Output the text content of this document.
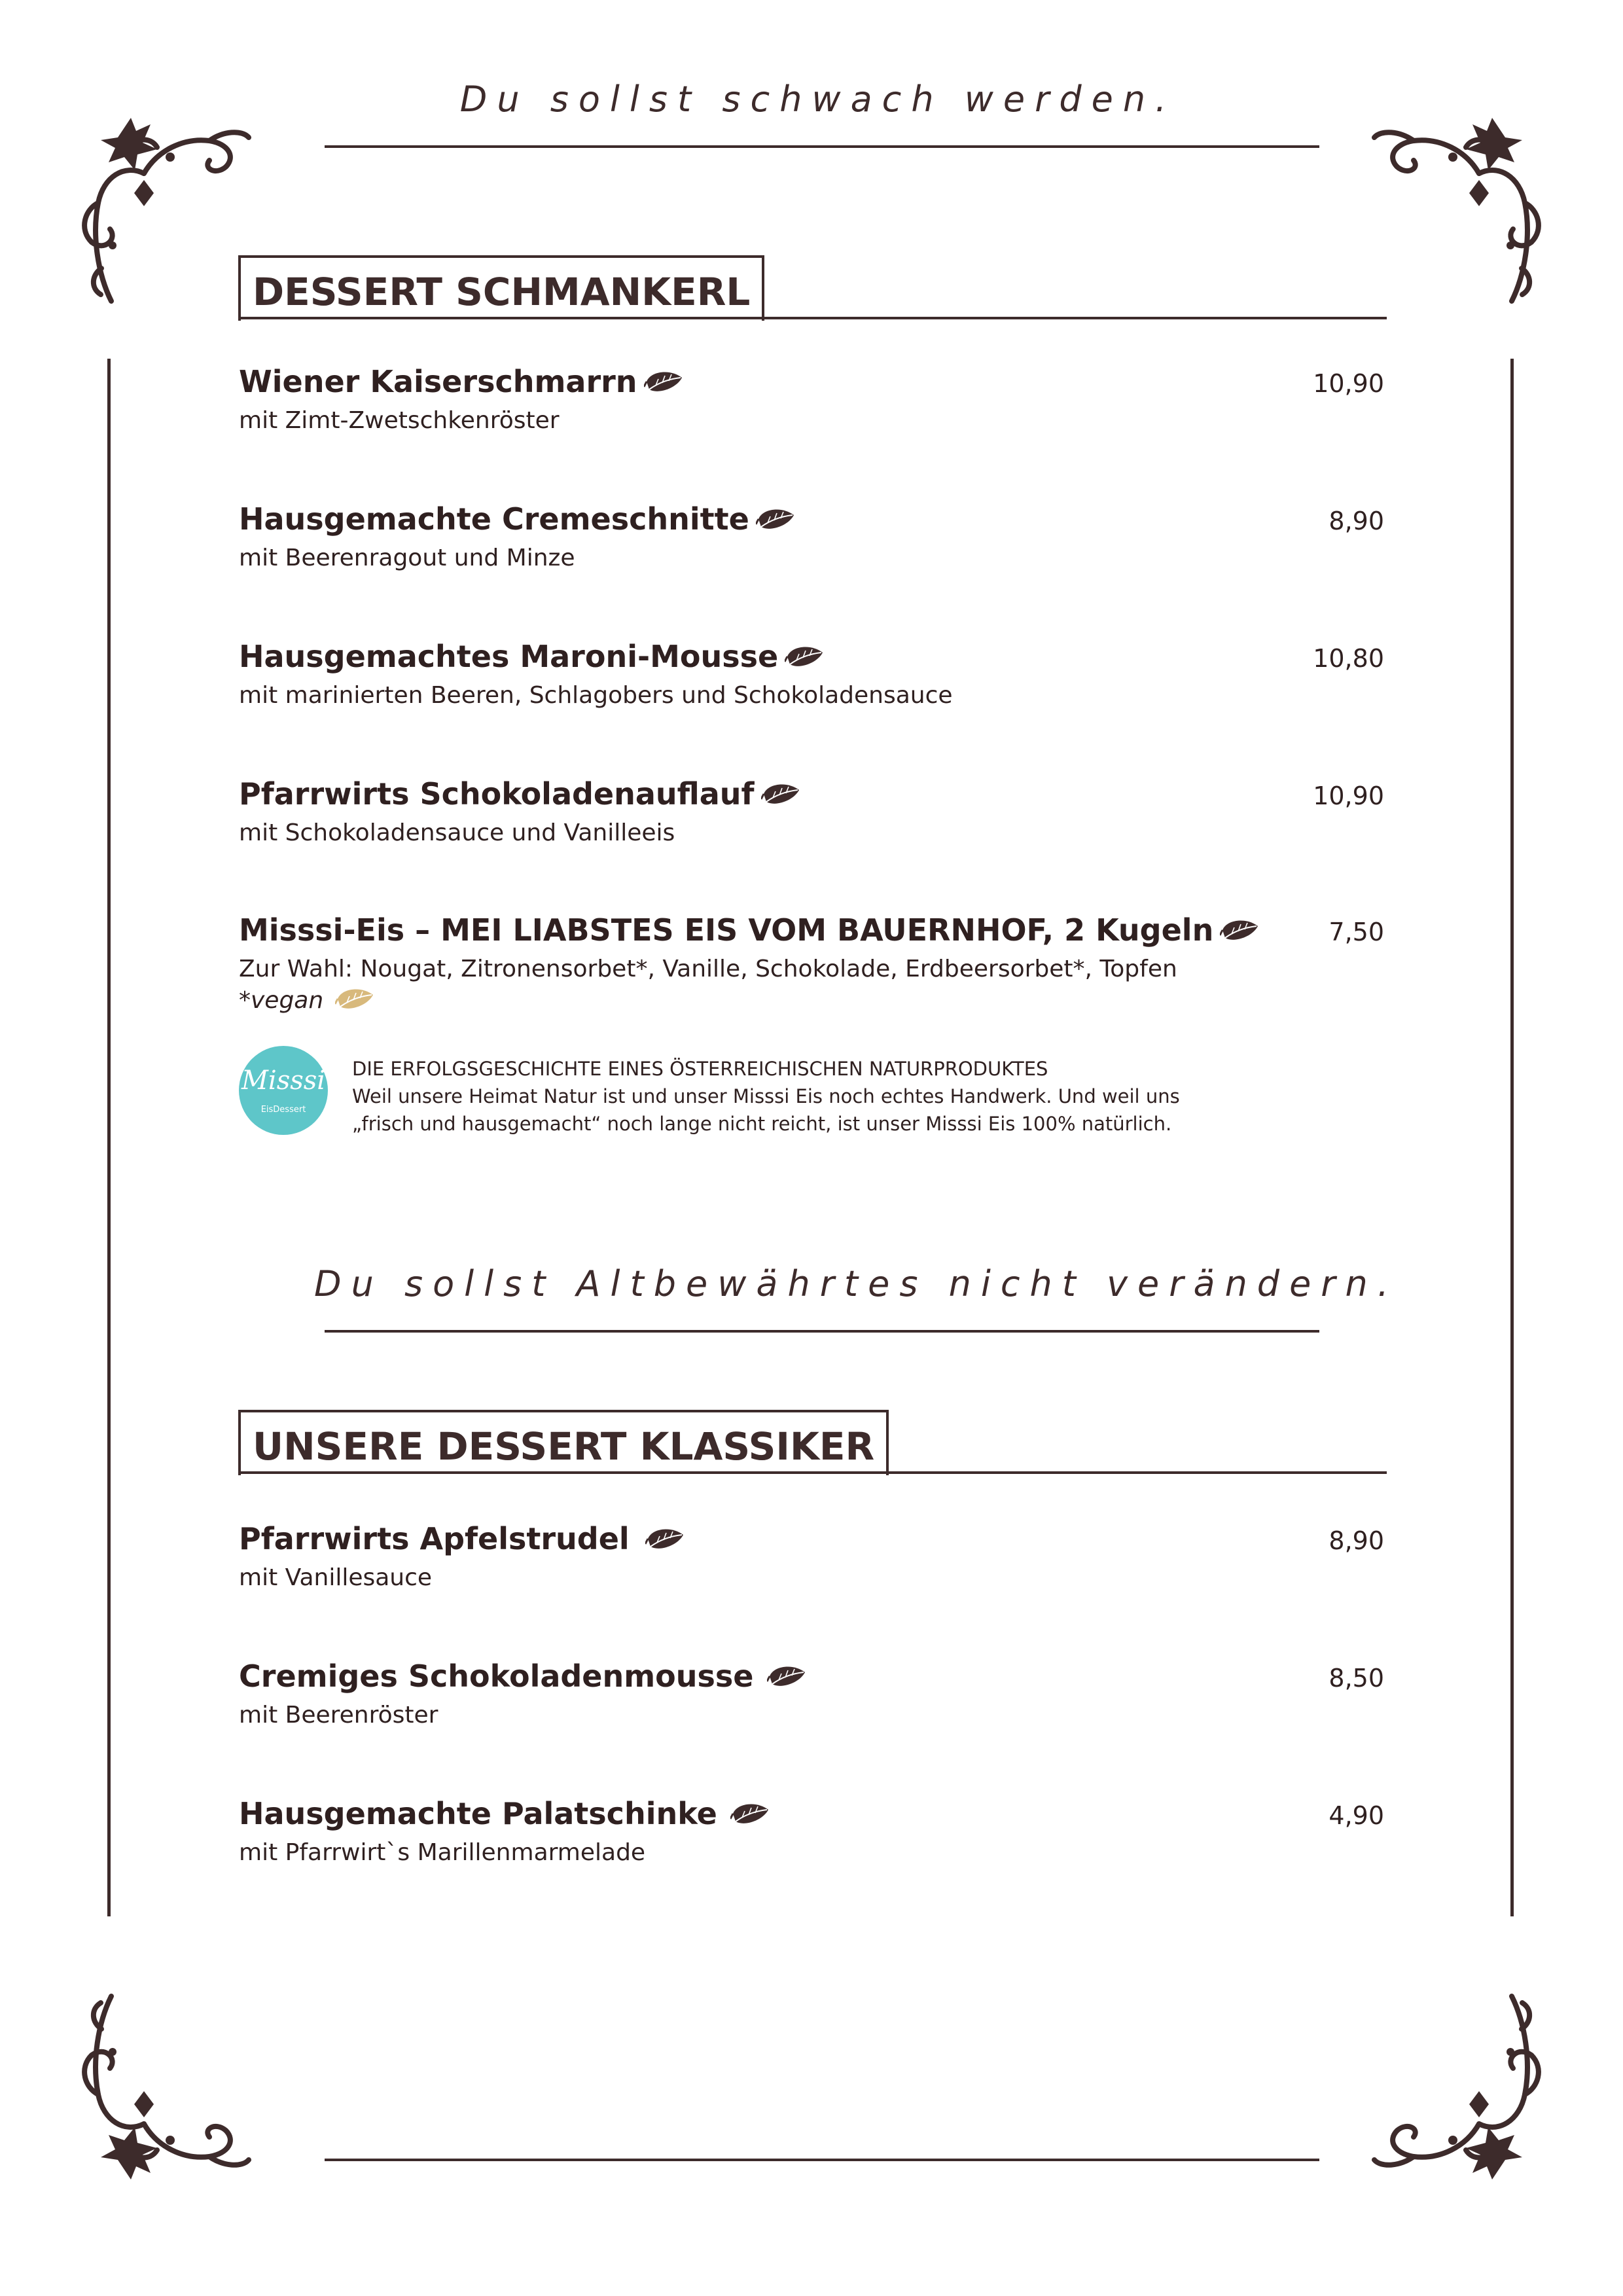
Du sollst schwach werden.
DESSERT SCHMANKERL
Wiener Kaiserschmarrn
mit Zimt-Zwetschkenröster
10,90
Hausgemachte Cremeschnitte
mit Beerenragout und Minze
8,90
Hausgemachtes Maroni-Mousse
mit marinierten Beeren, Schlagobers und Schokoladensauce
10,80
Pfarrwirts Schokoladenauflauf
mit Schokoladensauce und Vanilleeis
10,90
Misssi-Eis – MEI LIABSTES EIS VOM BAUERNHOF, 2 Kugeln
Zur Wahl: Nougat, Zitronensorbet*, Vanille, Schokolade, Erdbeersorbet*, Topfen
*vegan
7,50
Misssi
EisDessert
DIE ERFOLGSGESCHICHTE EINES ÖSTERREICHISCHEN NATURPRODUKTES
Weil unsere Heimat Natur ist und unser Misssi Eis noch echtes Handwerk. Und weil uns
„frisch und hausgemacht“ noch lange nicht reicht, ist unser Misssi Eis 100% natürlich.
Du sollst Altbewährtes nicht verändern.
UNSERE DESSERT KLASSIKER
Pfarrwirts Apfelstrudel
mit Vanillesauce
8,90
Cremiges Schokoladenmousse
mit Beerenröster
8,50
Hausgemachte Palatschinke
mit Pfarrwirt`s Marillenmarmelade
4,90
